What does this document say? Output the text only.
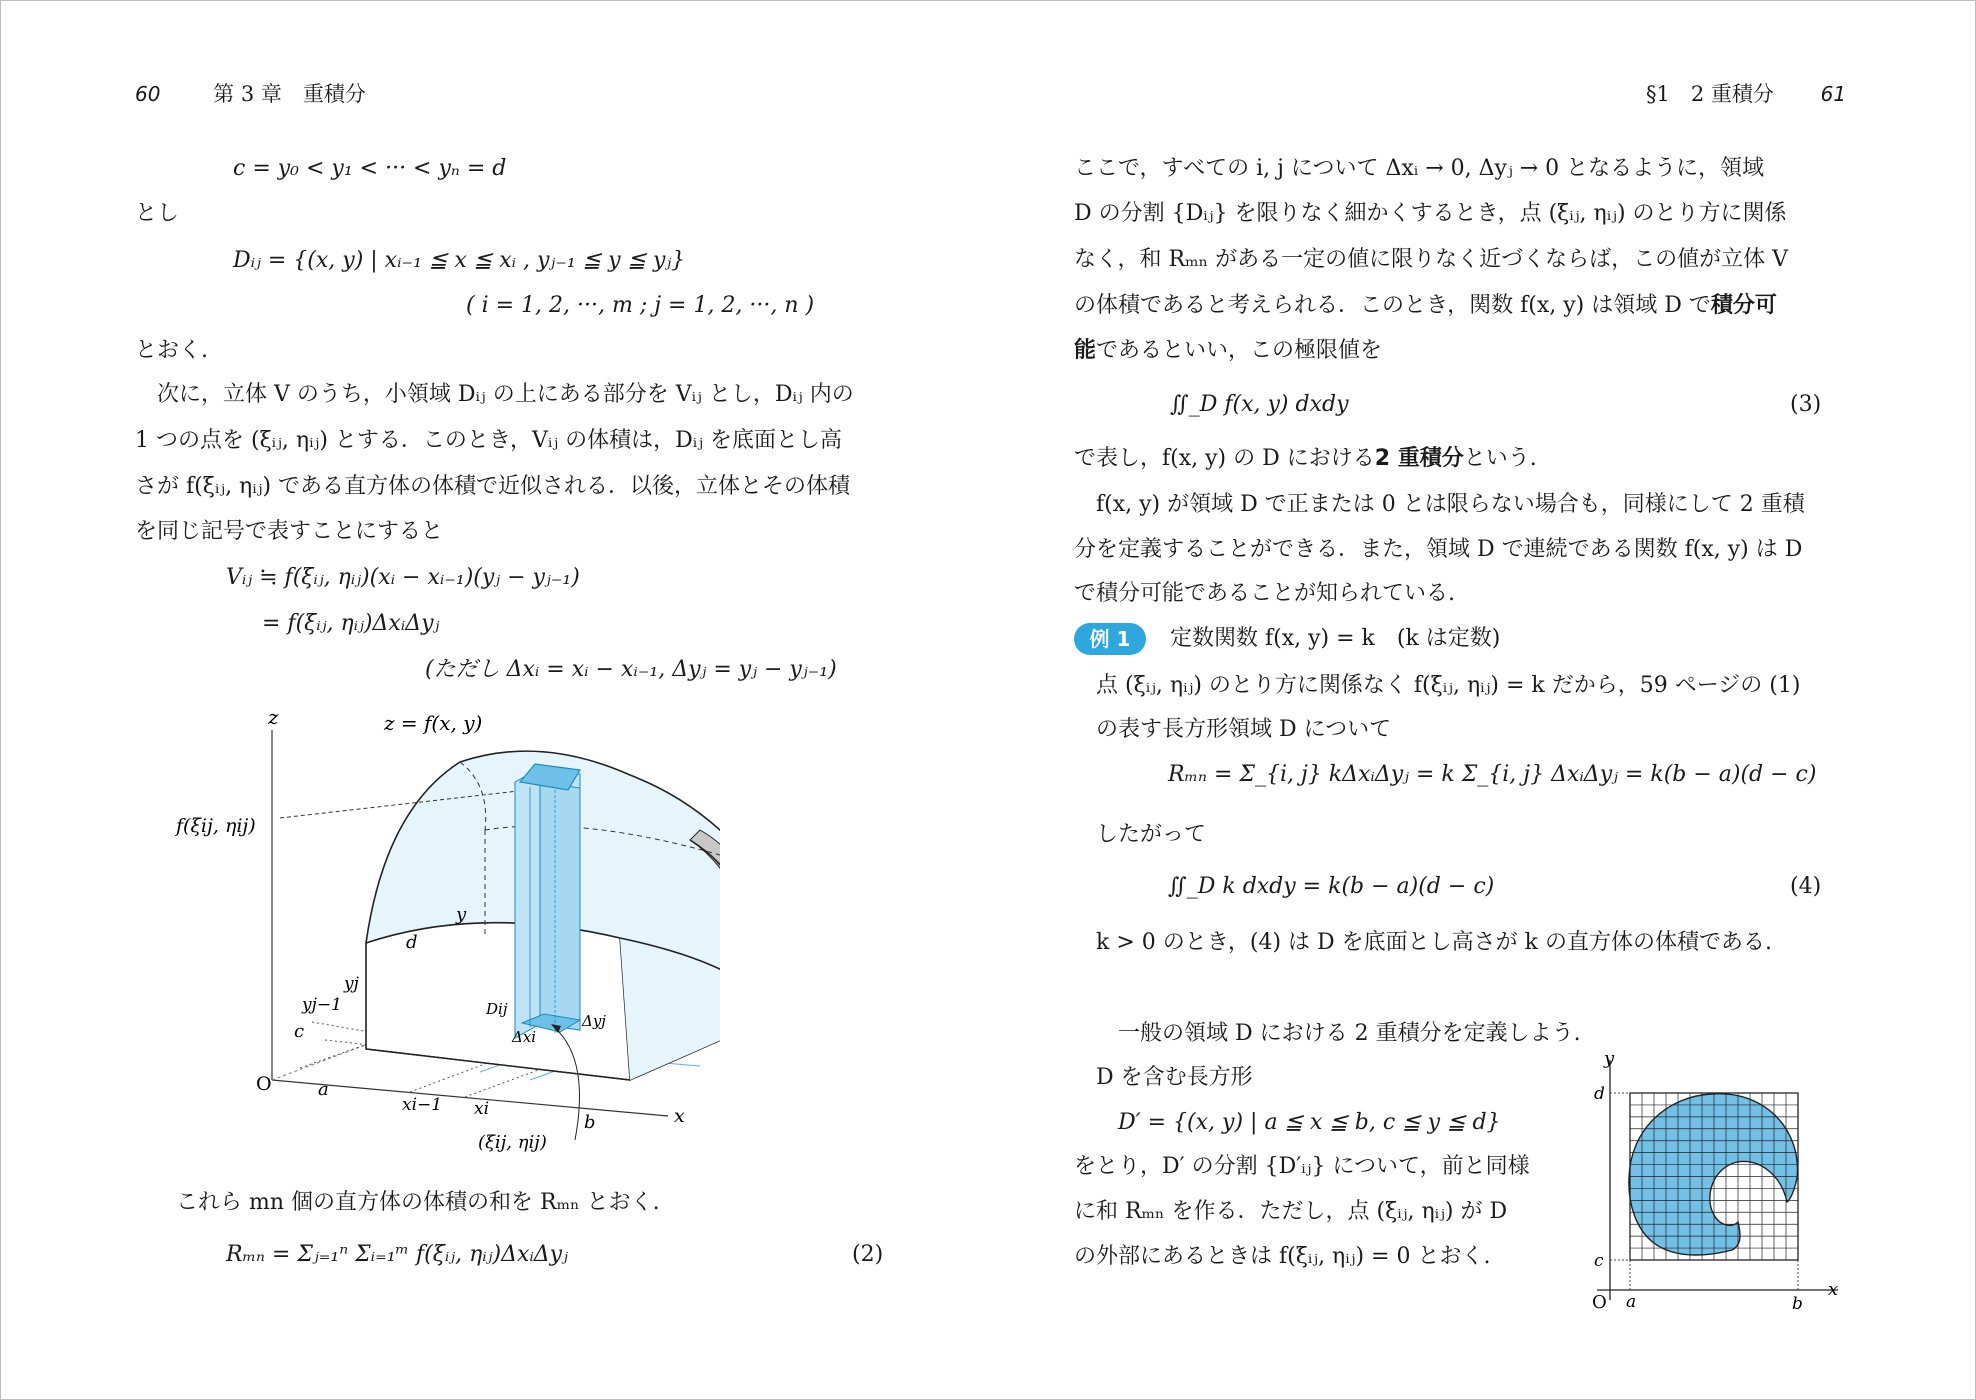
60	第 3 章　重積分
c = y₀ < y₁ < ··· < yₙ = d
とし
Dᵢⱼ = {(x, y) | xᵢ₋₁ ≦ x ≦ xᵢ , yⱼ₋₁ ≦ y ≦ yⱼ}
( i = 1, 2, ···, m ; j = 1, 2, ···, n )
とおく.
　次に，立体 V のうち，小領域 Dᵢⱼ の上にある部分を Vᵢⱼ とし，Dᵢⱼ 内の
1 つの点を (ξᵢⱼ, ηᵢⱼ) とする．このとき，Vᵢⱼ の体積は，Dᵢⱼ を底面とし高
さが f(ξᵢⱼ, ηᵢⱼ) である直方体の体積で近似される．以後，立体とその体積
を同じ記号で表すことにすると
Vᵢⱼ ≒ f(ξᵢⱼ, ηᵢⱼ)(xᵢ − xᵢ₋₁)(yⱼ − yⱼ₋₁)
= f(ξᵢⱼ, ηᵢⱼ)ΔxᵢΔyⱼ
(ただし Δxᵢ = xᵢ − xᵢ₋₁, Δyⱼ = yⱼ − yⱼ₋₁)
z	z = f(x, y)
f(ξij, ηij)
y
d
yj
yj−1
c
O	a
xi−1 xi
b	x
Dij
Δxi
Δyj
(ξij, ηij)
　これら mn 個の直方体の体積の和を Rₘₙ とおく.
Rₘₙ = Σⱼ₌₁ⁿ Σᵢ₌₁ᵐ f(ξᵢⱼ, ηᵢⱼ)ΔxᵢΔyⱼ	(2)
§1　2 重積分 61
ここで，すべての i, j について Δxᵢ → 0, Δyⱼ → 0 となるように，領域
D の分割 {Dᵢⱼ} を限りなく細かくするとき，点 (ξᵢⱼ, ηᵢⱼ) のとり方に関係
なく，和 Rₘₙ がある一定の値に限りなく近づくならば，この値が立体 V
の体積であると考えられる．このとき，関数 f(x, y) は領域 D で積分可
能であるといい，この極限値を
∬_D f(x, y) dxdy	(3)
で表し，f(x, y) の D における2 重積分という.
　f(x, y) が領域 D で正または 0 とは限らない場合も，同様にして 2 重積
分を定義することができる．また，領域 D で連続である関数 f(x, y) は D
で積分可能であることが知られている.
例 1	定数関数 f(x, y) = k　(k は定数)
点 (ξᵢⱼ, ηᵢⱼ) のとり方に関係なく f(ξᵢⱼ, ηᵢⱼ) = k だから，59 ページの (1)
の表す長方形領域 D について
Rₘₙ = Σ_{i, j} kΔxᵢΔyⱼ = k Σ_{i, j} ΔxᵢΔyⱼ = k(b − a)(d − c)
したがって
∬_D k dxdy = k(b − a)(d − c)	(4)
k > 0 のとき，(4) は D を底面とし高さが k の直方体の体積である.
　一般の領域 D における 2 重積分を定義しよう.
D を含む長方形
D′ = {(x, y) | a ≦ x ≦ b, c ≦ y ≦ d}
をとり，D′ の分割 {D′ᵢⱼ} について，前と同様
に和 Rₘₙ を作る．ただし，点 (ξᵢⱼ, ηᵢⱼ) が D
の外部にあるときは f(ξᵢⱼ, ηᵢⱼ) = 0 とおく.
y
d
c
O a	b
x
